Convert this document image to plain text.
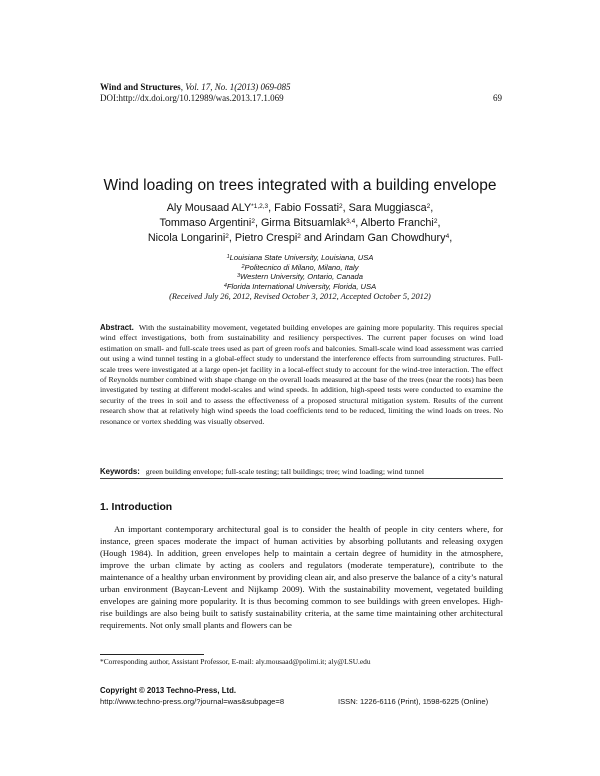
Wind and Structures, Vol. 17, No. 1(2013) 069-085
DOI:http://dx.doi.org/10.12989/was.2013.17.1.069	69
Wind loading on trees integrated with a building envelope
Aly Mousaad ALY$^{*1,2,3}$, Fabio Fossati$^2$, Sara Muggiasca$^2$,
Tommaso Argentini$^2$, Girma Bitsuamlak$^{3,4}$, Alberto Franchi$^2$,
Nicola Longarini$^2$, Pietro Crespi$^2$ and Arindam Gan Chowdhury$^4$,
$^1$Louisiana State University, Louisiana, USA
$^2$Politecnico di Milano, Milano, Italy
$^3$Western University, Ontario, Canada
$^4$Florida International University, Florida, USA
(Received July 26, 2012, Revised October 3, 2012, Accepted October 5, 2012)
Abstract. With the sustainability movement, vegetated building envelopes are gaining more popularity. This requires special wind effect investigations, both from sustainability and resiliency perspectives. The current paper focuses on wind load estimation on small- and full-scale trees used as part of green roofs and balconies. Small-scale wind load assessment was carried out using a wind tunnel testing in a global-effect study to understand the interference effects from surrounding structures. Full-scale trees were investigated at a large open-jet facility in a local-effect study to account for the wind-tree interaction. The effect of Reynolds number combined with shape change on the overall loads measured at the base of the trees (near the roots) has been investigated by testing at different model-scales and wind speeds. In addition, high-speed tests were conducted to examine the security of the trees in soil and to assess the effectiveness of a proposed structural mitigation system. Results of the current research show that at relatively high wind speeds the load coefficients tend to be reduced, limiting the wind loads on trees. No resonance or vortex shedding was visually observed.
Keywords: green building envelope; full-scale testing; tall buildings; tree; wind loading; wind tunnel
1. Introduction

An important contemporary architectural goal is to consider the health of people in city centers where, for instance, green spaces moderate the impact of human activities by absorbing pollutants and releasing oxygen (Hough 1984). In addition, green envelopes help to maintain a certain degree of humidity in the atmosphere, improve the urban climate by acting as coolers and regulators (moderate temperature), contribute to the maintenance of a healthy urban environment by providing clean air, and also preserve the balance of a city’s natural urban environment (Baycan-Levent and Nijkamp 2009). With the sustainability movement, vegetated building envelopes are gaining more popularity. It is thus becoming common to see buildings with green envelopes. High-rise buildings are also being built to satisfy sustainability criteria, at the same time maintaining other architectural requirements. Not only small plants and flowers can be

*Corresponding author, Assistant Professor, E-mail: aly.mousaad@polimi.it; aly@LSU.edu
Copyright © 2013 Techno-Press, Ltd.
http://www.techno-press.org/?journal=was&subpage=8	ISSN: 1226-6116 (Print), 1598-6225 (Online)
